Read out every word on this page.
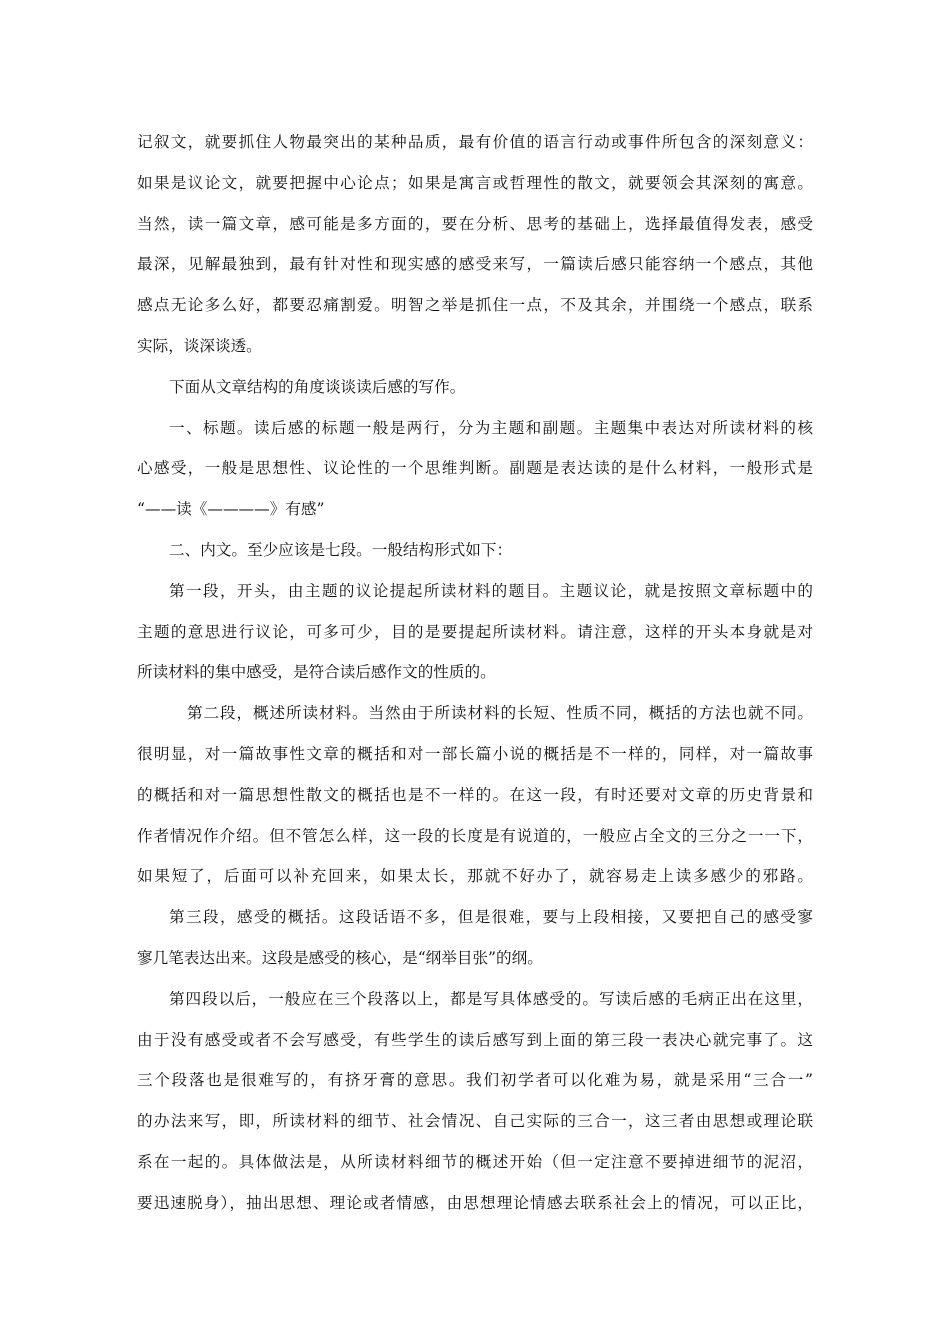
记叙文，就要抓住人物最突出的某种品质，最有价值的语言行动或事件所包含的深刻意义：
如果是议论文，就要把握中心论点；如果是寓言或哲理性的散文，就要领会其深刻的寓意。
当然，读一篇文章，感可能是多方面的，要在分析、思考的基础上，选择最值得发表，感受
最深，见解最独到，最有针对性和现实感的感受来写，一篇读后感只能容纳一个感点，其他
感点无论多么好，都要忍痛割爱。明智之举是抓住一点，不及其余，并围绕一个感点，联系
实际，谈深谈透。
下面从文章结构的角度谈谈读后感的写作。
一、标题。读后感的标题一般是两行，分为主题和副题。主题集中表达对所读材料的核
心感受，一般是思想性、议论性的一个思维判断。副题是表达读的是什么材料，一般形式是
“——读《————》有感”
二、内文。至少应该是七段。一般结构形式如下：
第一段，开头，由主题的议论提起所读材料的题目。主题议论，就是按照文章标题中的
主题的意思进行议论，可多可少，目的是要提起所读材料。请注意，这样的开头本身就是对
所读材料的集中感受，是符合读后感作文的性质的。
第二段，概述所读材料。当然由于所读材料的长短、性质不同，概括的方法也就不同。
很明显，对一篇故事性文章的概括和对一部长篇小说的概括是不一样的，同样，对一篇故事
的概括和对一篇思想性散文的概括也是不一样的。在这一段，有时还要对文章的历史背景和
作者情况作介绍。但不管怎么样，这一段的长度是有说道的，一般应占全文的三分之一一下，
如果短了，后面可以补充回来，如果太长，那就不好办了，就容易走上读多感少的邪路。
第三段，感受的概括。这段话语不多，但是很难，要与上段相接，又要把自己的感受寥
寥几笔表达出来。这段是感受的核心，是“纲举目张”的纲。
第四段以后，一般应在三个段落以上，都是写具体感受的。写读后感的毛病正出在这里，
由于没有感受或者不会写感受，有些学生的读后感写到上面的第三段一表决心就完事了。这
三个段落也是很难写的，有挤牙膏的意思。我们初学者可以化难为易，就是采用“三合一”
的办法来写，即，所读材料的细节、社会情况、自己实际的三合一，这三者由思想或理论联
系在一起的。具体做法是，从所读材料细节的概述开始（但一定注意不要掉进细节的泥沼，
要迅速脱身），抽出思想、理论或者情感，由思想理论情感去联系社会上的情况，可以正比，
